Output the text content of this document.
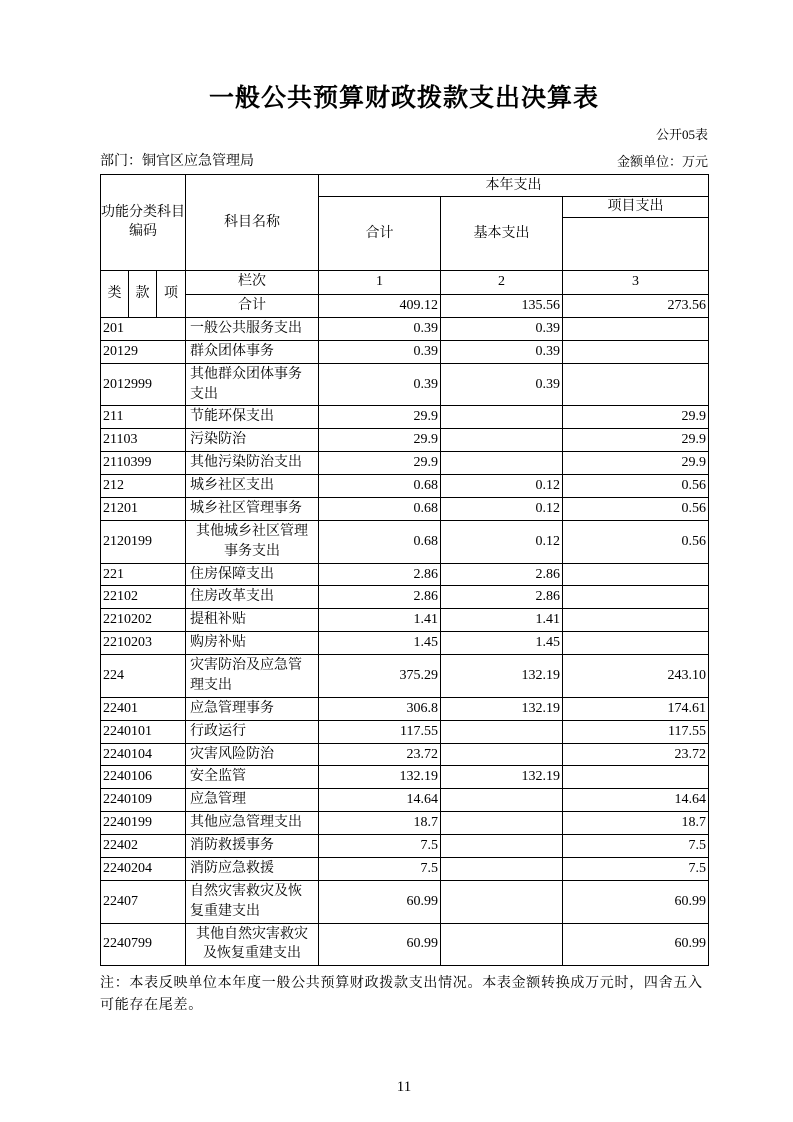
一般公共预算财政拨款支出决算表
公开05表
部门：铜官区应急管理局	金额单位：万元
功能分类科目编码			科目名称	本年支出		
				合计	基本支出	项目支出

类	款	项	栏次	1	2	3
			合计	409.12	135.56	273.56
201			一般公共服务支出	0.39	0.39	
20129			群众团体事务	0.39	0.39	
2012999			其他群众团体事务支出	0.39	0.39	
211			节能环保支出	29.9		29.9
21103			污染防治	29.9		29.9
2110399			其他污染防治支出	29.9		29.9
212			城乡社区支出	0.68	0.12	0.56
21201			城乡社区管理事务	0.68	0.12	0.56
2120199			其他城乡社区管理事务支出	0.68	0.12	0.56
221			住房保障支出	2.86	2.86	
22102			住房改革支出	2.86	2.86	
2210202			提租补贴	1.41	1.41	
2210203			购房补贴	1.45	1.45	
224			灾害防治及应急管理支出	375.29	132.19	243.10
22401			应急管理事务	306.8	132.19	174.61
2240101			行政运行	117.55		117.55
2240104			灾害风险防治	23.72		23.72
2240106			安全监管	132.19	132.19	
2240109			应急管理	14.64		14.64
2240199			其他应急管理支出	18.7		18.7
22402			消防救援事务	7.5		7.5
2240204			消防应急救援	7.5		7.5
22407			自然灾害救灾及恢复重建支出	60.99		60.99
2240799			其他自然灾害救灾及恢复重建支出	60.99		60.99
注：本表反映单位本年度一般公共预算财政拨款支出情况。本表金额转换成万元时，四舍五入可能存在尾差。
11
